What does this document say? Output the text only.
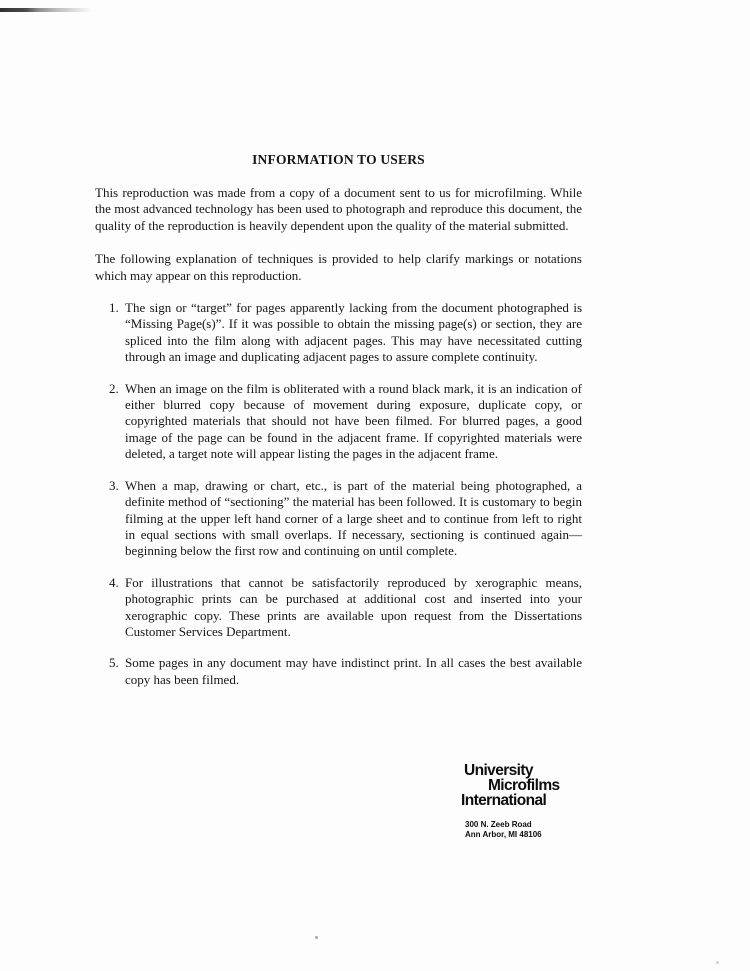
INFORMATION TO USERS

This reproduction was made from a copy of a document sent to us for microfilming. While the most advanced technology has been used to photograph and reproduce this document, the quality of the reproduction is heavily dependent upon the quality of the material submitted.

The following explanation of techniques is provided to help clarify markings or notations which may appear on this reproduction.

1. The sign or “target” for pages apparently lacking from the document photographed is “Missing Page(s)”. If it was possible to obtain the missing page(s) or section, they are spliced into the film along with adjacent pages. This may have necessitated cutting through an image and duplicating adjacent pages to assure complete continuity.
2. When an image on the film is obliterated with a round black mark, it is an indication of either blurred copy because of movement during exposure, duplicate copy, or copyrighted materials that should not have been filmed. For blurred pages, a good image of the page can be found in the adjacent frame. If copyrighted materials were deleted, a target note will appear listing the pages in the adjacent frame.
3. When a map, drawing or chart, etc., is part of the material being photographed, a definite method of “sectioning” the material has been followed. It is customary to begin filming at the upper left hand corner of a large sheet and to continue from left to right in equal sections with small overlaps. If necessary, sectioning is continued again—beginning below the first row and continuing on until complete.
4. For illustrations that cannot be satisfactorily reproduced by xerographic means, photographic prints can be purchased at additional cost and inserted into your xerographic copy. These prints are available upon request from the Dissertations Customer Services Department.
5. Some pages in any document may have indistinct print. In all cases the best available copy has been filmed.
University
Microfilms
International
300 N. Zeeb Road
Ann Arbor, MI 48106
